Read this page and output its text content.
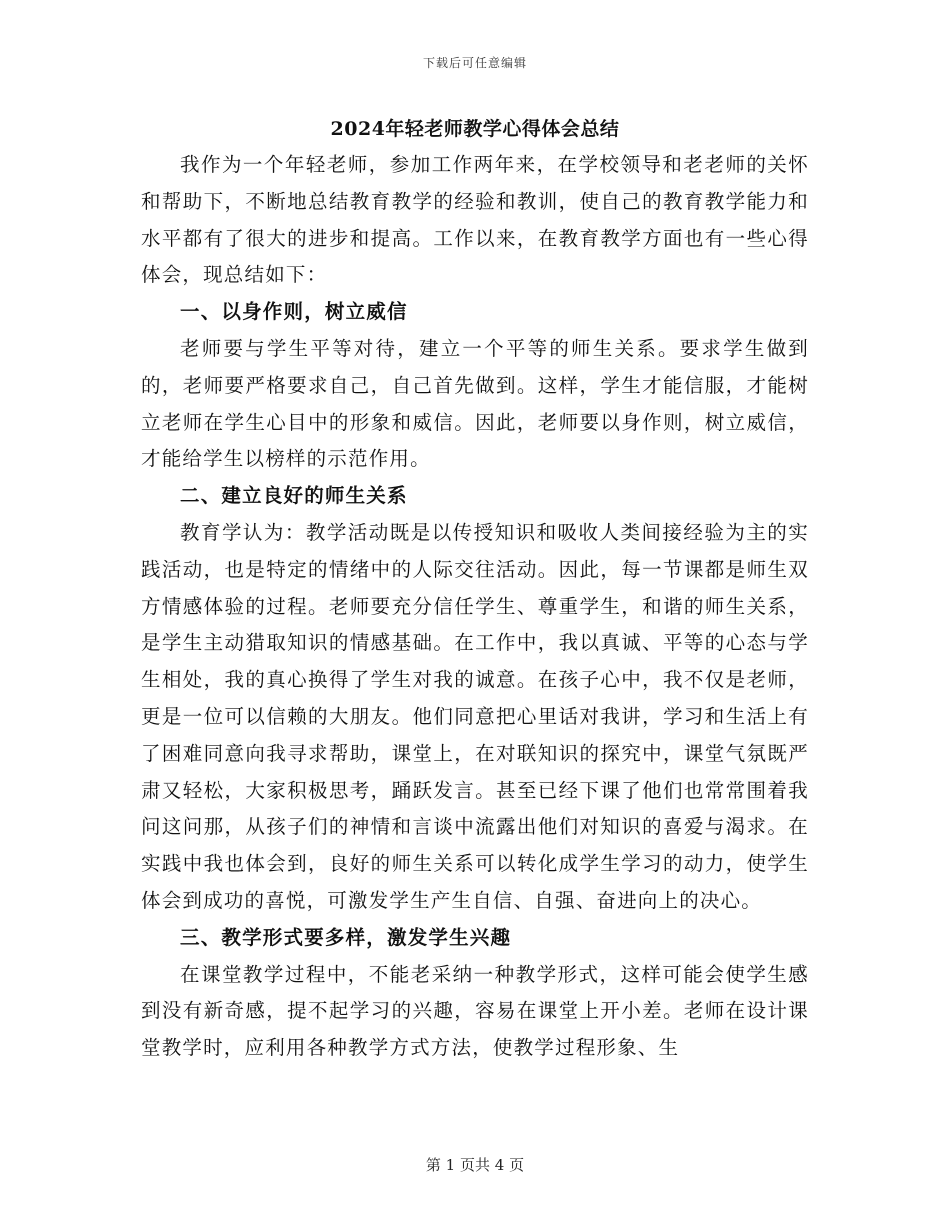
下载后可任意编辑
2024年轻老师教学心得体会总结

我作为一个年轻老师，参加工作两年来，在学校领导和老老师的关怀和帮助下，不断地总结教育教学的经验和教训，使自己的教育教学能力和水平都有了很大的进步和提高。工作以来，在教育教学方面也有一些心得体会，现总结如下：

一、以身作则，树立威信

老师要与学生平等对待，建立一个平等的师生关系。要求学生做到的，老师要严格要求自己，自己首先做到。这样，学生才能信服，才能树立老师在学生心目中的形象和威信。因此，老师要以身作则，树立威信，才能给学生以榜样的示范作用。

二、建立良好的师生关系

教育学认为：教学活动既是以传授知识和吸收人类间接经验为主的实践活动，也是特定的情绪中的人际交往活动。因此，每一节课都是师生双方情感体验的过程。老师要充分信任学生、尊重学生，和谐的师生关系，是学生主动猎取知识的情感基础。在工作中，我以真诚、平等的心态与学生相处，我的真心换得了学生对我的诚意。在孩子心中，我不仅是老师，更是一位可以信赖的大朋友。他们同意把心里话对我讲，学习和生活上有了困难同意向我寻求帮助，课堂上，在对联知识的探究中，课堂气氛既严肃又轻松，大家积极思考，踊跃发言。甚至已经下课了他们也常常围着我问这问那，从孩子们的神情和言谈中流露出他们对知识的喜爱与渴求。在实践中我也体会到，良好的师生关系可以转化成学生学习的动力，使学生体会到成功的喜悦，可激发学生产生自信、自强、奋进向上的决心。

三、教学形式要多样，激发学生兴趣

在课堂教学过程中，不能老采纳一种教学形式，这样可能会使学生感到没有新奇感，提不起学习的兴趣，容易在课堂上开小差。老师在设计课堂教学时，应利用各种教学方式方法，使教学过程形象、生

第 1 页共 4 页
